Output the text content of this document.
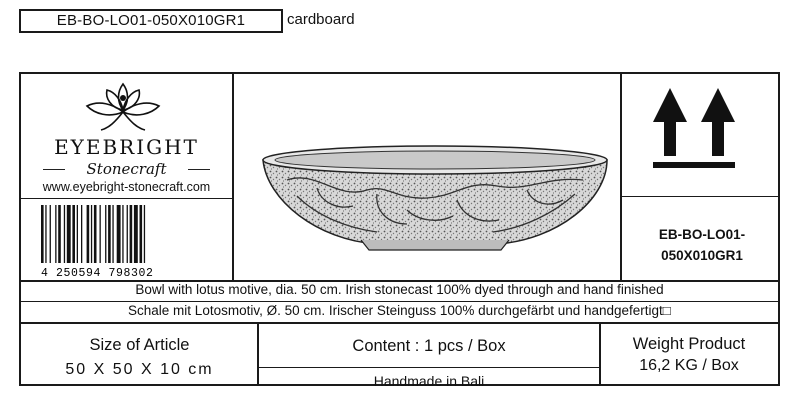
EB-BO-LO01-050X010GR1	cardboard
EYEBRIGHT
Stonecraft
www.eyebright-stonecraft.com
4 250594 798302
EB-BO-LO01-
050X010GR1
Bowl with lotus motive, dia. 50 cm. Irish stonecast 100% dyed through and hand finished
Schale mit Lotosmotiv, Ø. 50 cm. Irischer Steinguss 100% durchgefärbt und handgefertigt□
Size of Article
50 X 50 X 10 cm
Content : 1 pcs / Box
Handmade in Bali
Weight Product
16,2 KG / Box
